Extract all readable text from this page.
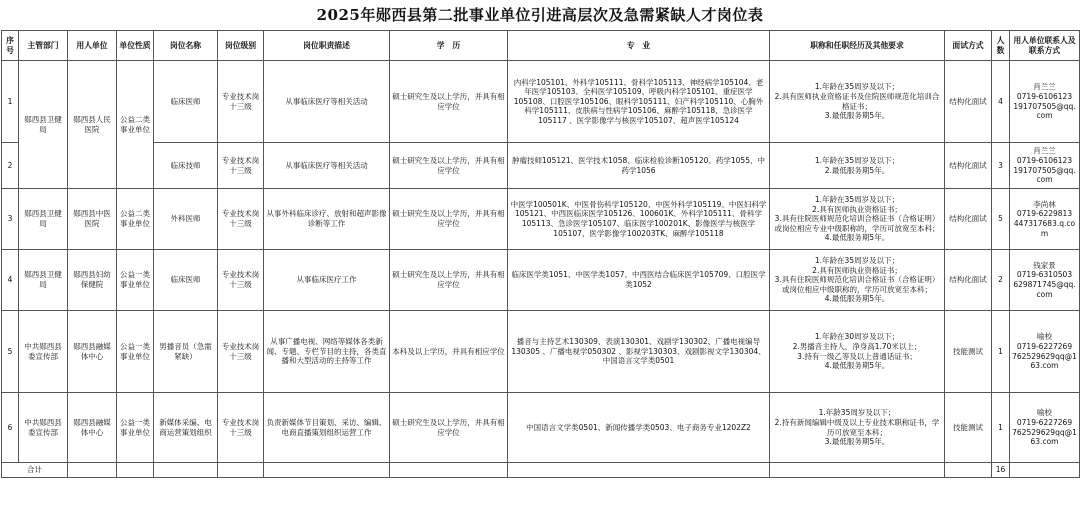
2025年郧西县第二批事业单位引进高层次及急需紧缺人才岗位表
序号	主管部门	用人单位	单位性质	岗位名称	岗位级别	岗位职责描述	学　历	专　业	职称和任职经历及其他要求	面试方式	人数	用人单位联系人及联系方式
1	郧西县卫健局	郧西县人民医院	公益二类事业单位	临床医师	专业技术岗十三级	从事临床医疗等相关活动	硕士研究生及以上学历，并具有相应学位	内科学105101、外科学105111、骨科学105113、神经病学105104、老年医学105103、全科医学105109、呼吸内科学105101、重症医学105108、口腔医学105106、眼科学105111、妇产科学105110、心胸外科学105111、皮肤病与性病学105106、麻醉学105118、急诊医学105117 、医学影像学与核医学105107、超声医学105124	1.年龄在35周岁及以下；
2.具有医师执业资格证书及住院医师规范化培训合格证书；
3.最低服务期5年。	结构化面试	4	肖兰兰
0719-6106123
191707505@qq.com
2				临床技师	专业技术岗十三级	从事临床医疗等相关活动	硕士研究生及以上学历，并具有相应学位	肿瘤技师105121、医学技术1058、临床检验诊断105120、药学1055、中药学1056	1.年龄在35周岁及以下；
2.最低服务期5年。	结构化面试	3	肖兰兰
0719-6106123
191707505@qq.com
3	郧西县卫健局	郧西县中医医院	公益二类事业单位	外科医师	专业技术岗十三级	从事外科临床诊疗、放射和超声影像诊断等工作	硕士研究生及以上学历，并具有相应学位	中医学100501K、中医骨伤科学105120、中医外科学105119、中医妇科学105121、中西医临床医学105126、100601K、外科学105111、骨科学105113、急诊医学105107、临床医学100201K、影像医学与核医学105107、医学影像学100203TK、麻醉学105118	1.年龄在35周岁及以下；
2.具有医师执业资格证书；
3.具有住院医师规范化培训合格证书（合格证明）或岗位相应专业中级职称的，学历可放宽至本科；
4.最低服务期5年。	结构化面试	5	李尚林
0719-6229813
447317683.q.com
4	郧西县卫健局	郧西县妇幼保健院	公益一类事业单位	临床医师	专业技术岗十三级	从事临床医疗工作	硕士研究生及以上学历，并具有相应学位	临床医学类1051、中医学类1057、中西医结合临床医学105709、口腔医学类1052	1.年龄在35周岁及以下；
2.具有医师执业资格证书；
3.具有住院医师规范化培训合格证书（合格证明）或岗位相应中级职称的，学历可放宽至本科；
4.最低服务期5年。	结构化面试	2	钱家景
0719-6310503
629871745@qq.com
5	中共郧西县委宣传部	郧西县融媒体中心	公益一类事业单位	男播音员（急需紧缺）	专业技术岗十三级	从事广播电视、网络等媒体各类新闻、专题、专栏节目的主持，各类直播和大型活动的主持等工作	本科及以上学历，并具有相应学位	播音与主持艺术130309、表演130301、戏剧学130302、广播电视编导130305 、广播电视学050302 、影视学130303、戏剧影视文学130304、中国语言文学类0501	1.年龄在30周岁及以下；
2.男播音主持人，净身高1.70米以上；
3.持有一级乙等及以上普通话证书；
4.最低服务期5年。	技能测试	1	喻校
0719-6227269
762529629qq@163.com
6	中共郧西县委宣传部	郧西县融媒体中心	公益一类事业单位	新媒体采编、电商运营策划组织	专业技术岗十三级	负责新媒体节目策划、采访、编辑、电商直播策划组织运营工作	硕士研究生及以上学历，并具有相应学位	中国语言文学类0501、新闻传播学类0503、电子商务专业1202Z2	1.年龄35周岁及以下；
2.持有新闻编辑中级及以上专业技术职称证书，学历可放宽至本科；
3.最低服务期5年。	技能测试	1	喻校
0719-6227269
762529629qq@163.com
合计											16	
